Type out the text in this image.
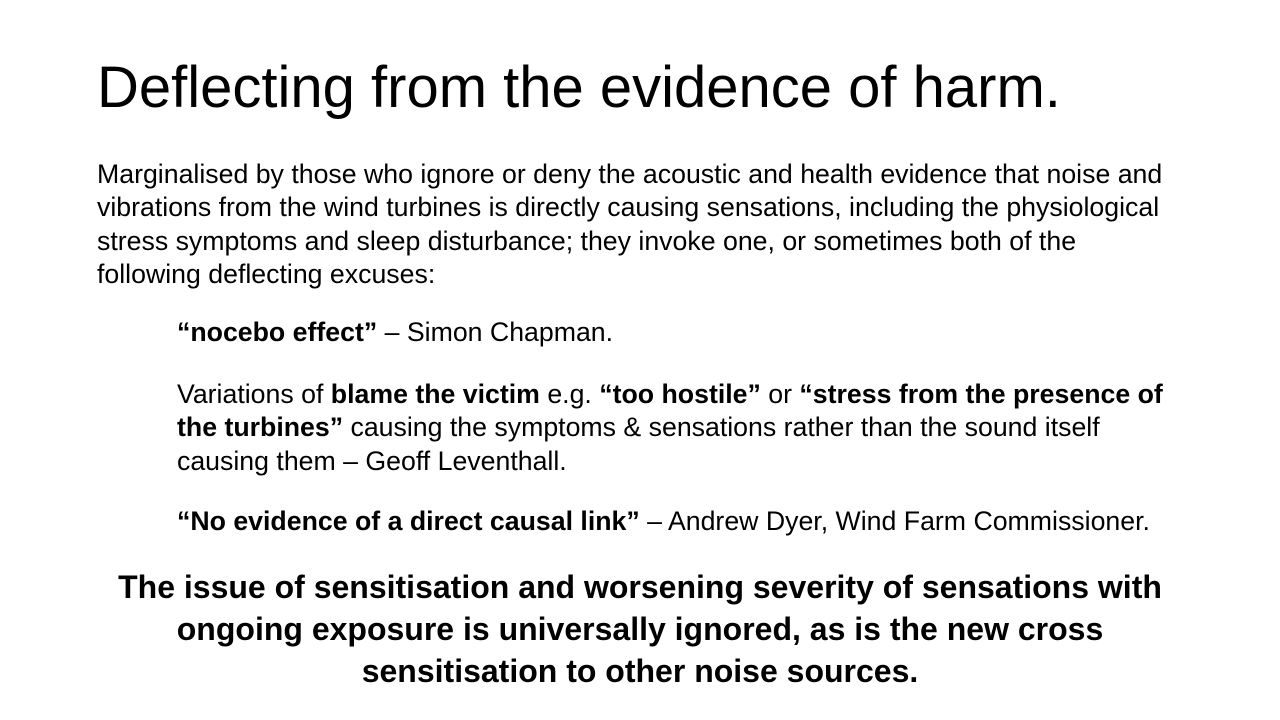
Deflecting from the evidence of harm.
Marginalised by those who ignore or deny the acoustic and health evidence that noise and
vibrations from the wind turbines is directly causing sensations, including the physiological
stress symptoms and sleep disturbance; they invoke one, or sometimes both of the
following deflecting excuses:
“nocebo effect” – Simon Chapman.
Variations of blame the victim e.g. “too hostile” or “stress from the presence of
the turbines” causing the symptoms & sensations rather than the sound itself
causing them – Geoff Leventhall.
“No evidence of a direct causal link” – Andrew Dyer, Wind Farm Commissioner.
The issue of sensitisation and worsening severity of sensations with
ongoing exposure is universally ignored, as is the new cross
sensitisation to other noise sources.
